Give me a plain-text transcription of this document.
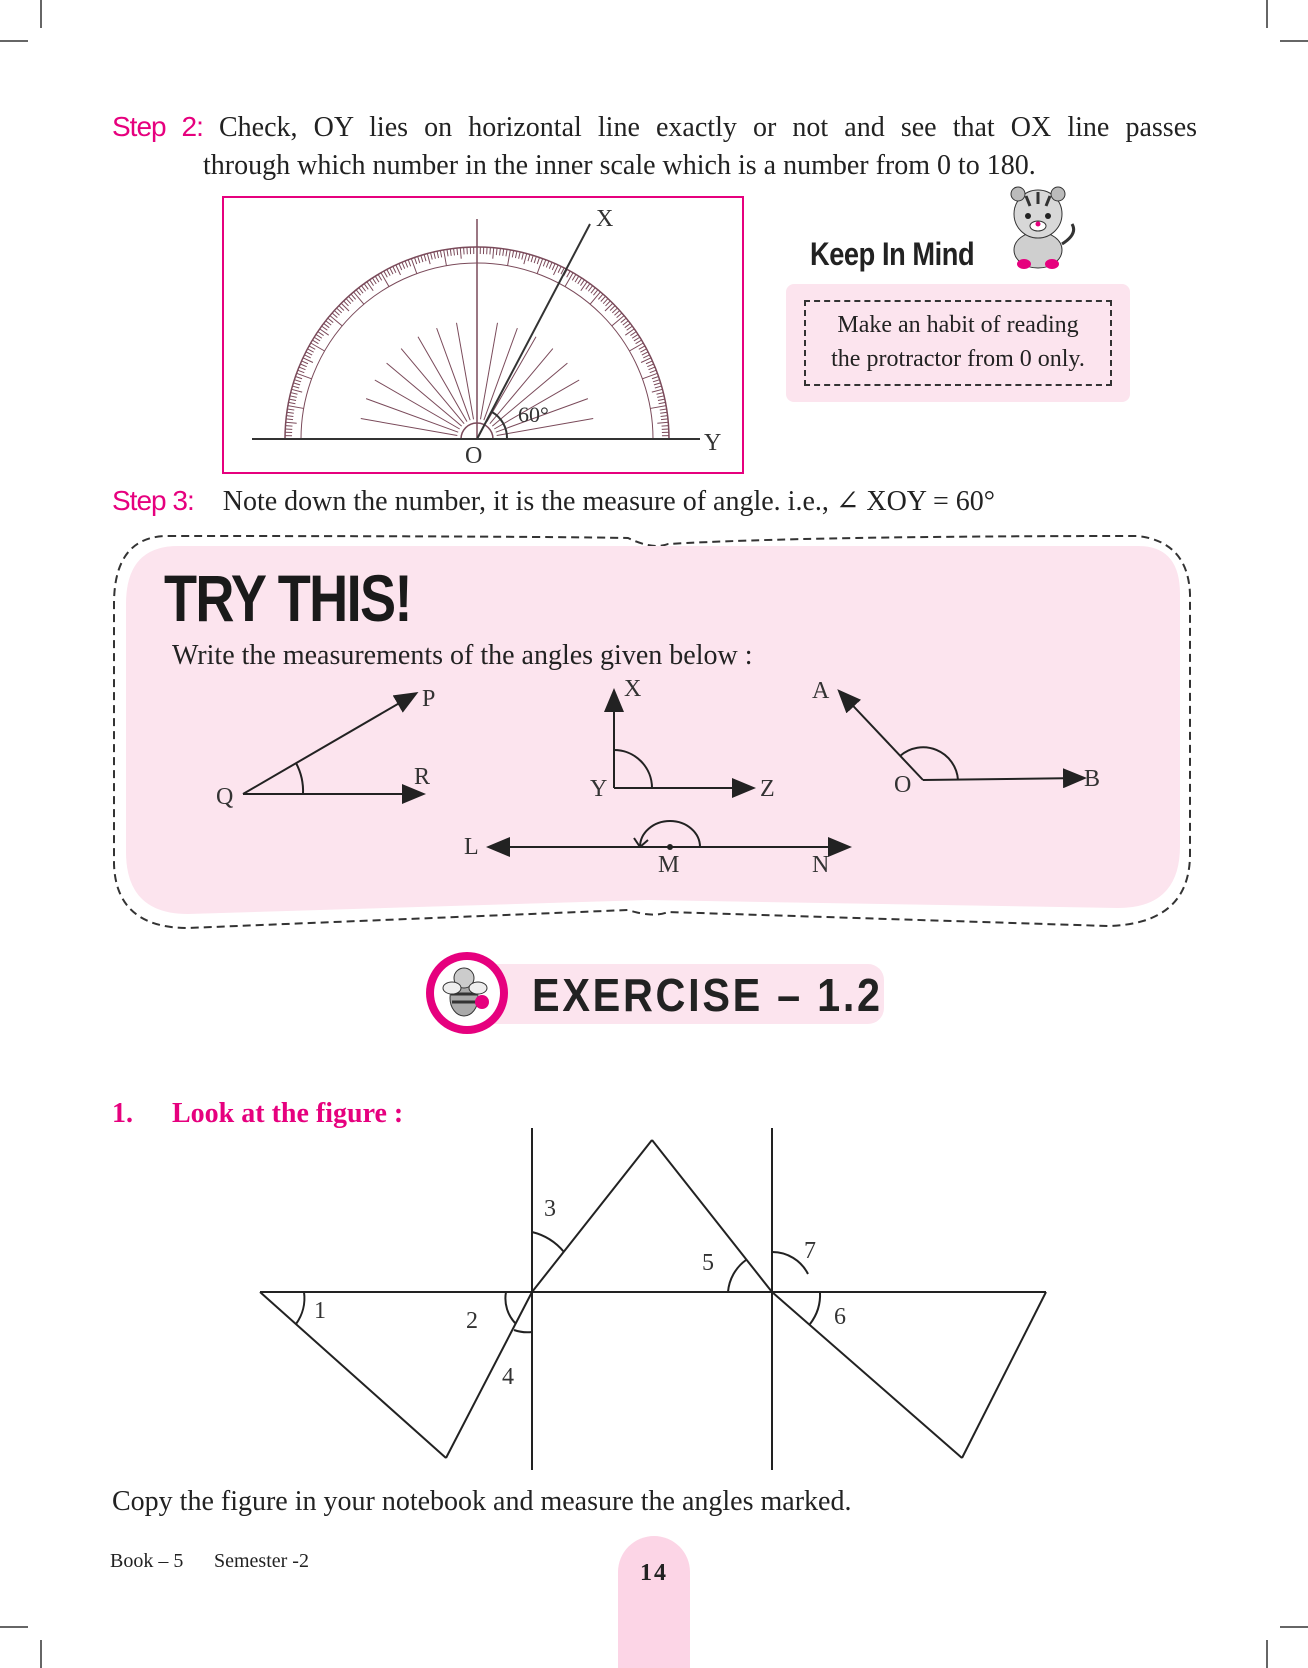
Step 2: Check, OY lies on horizontal line exactly or not and see that OX line passes
through which number in the inner scale which is a number from 0 to 180.
X
O	Y
60°
Keep In Mind
Make an habit of reading
the protractor from 0 only.
Step 3: Note down the number, it is the measure of angle. i.e., ∠ XOY = 60°
TRY THIS!
Write the measurements of the angles given below :
Q
P
R	Y
X
Z	O
A
B
M
L
N
EXERCISE – 1.2
1. Look at the figure :
1	2
3
4
5
6
7
Copy the figure in your notebook and measure the angles marked.
Book – 5 Semester -2	14
